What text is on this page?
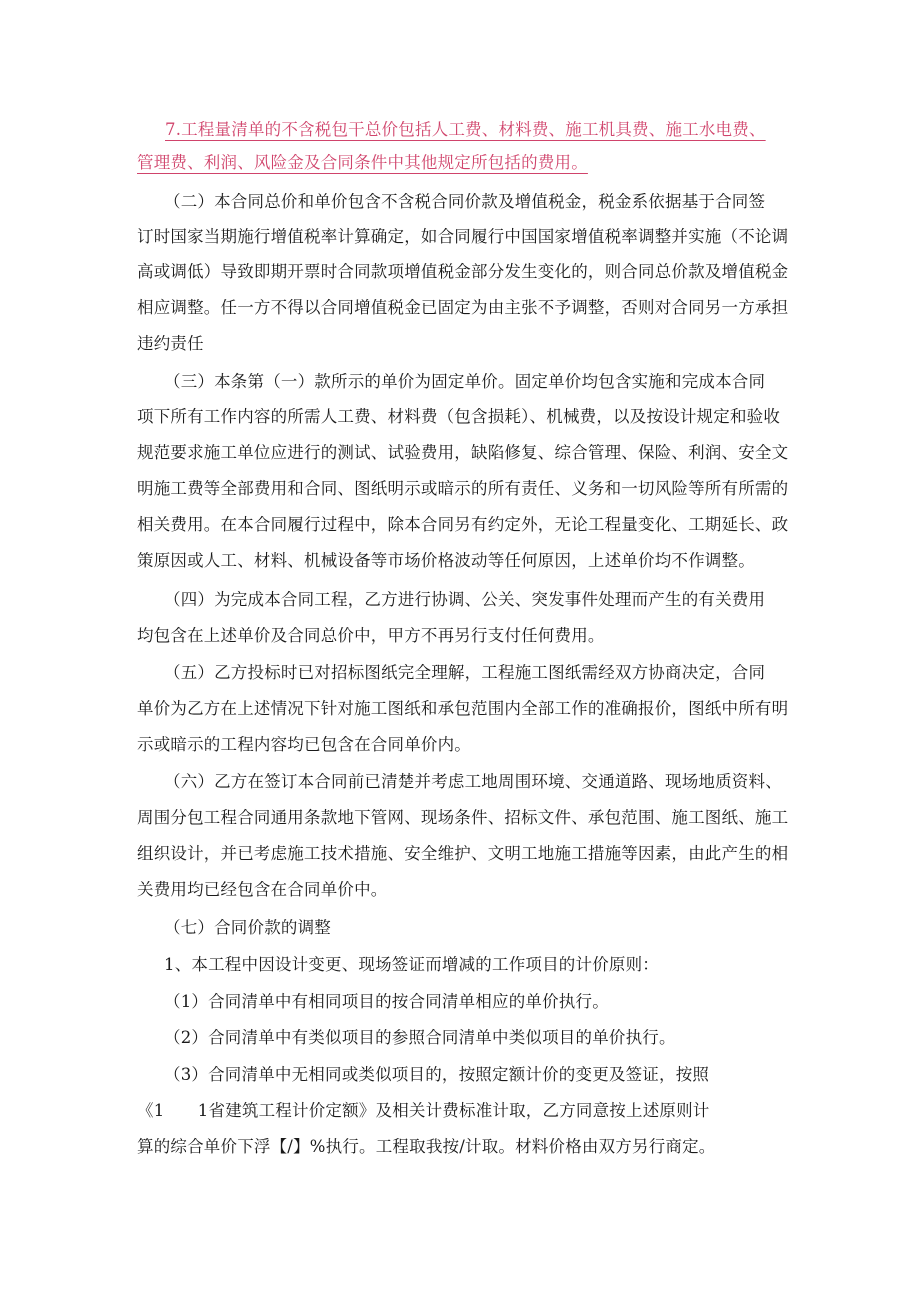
7.工程量清单的不含税包干总价包括人工费、材料费、施工机具费、施工水电费、
管理费、利润、风险金及合同条件中其他规定所包括的费用。
（二）本合同总价和单价包含不含税合同价款及增值税金，税金系依据基于合同签
订时国家当期施行增值税率计算确定，如合同履行中国国家增值税率调整并实施（不论调
高或调低）导致即期开票时合同款项增值税金部分发生变化的，则合同总价款及增值税金
相应调整。任一方不得以合同增值税金已固定为由主张不予调整，否则对合同另一方承担
违约责任
（三）本条第（一）款所示的单价为固定单价。固定单价均包含实施和完成本合同
项下所有工作内容的所需人工费、材料费（包含损耗）、机械费，以及按设计规定和验收
规范要求施工单位应进行的测试、试验费用，缺陷修复、综合管理、保险、利润、安全文
明施工费等全部费用和合同、图纸明示或暗示的所有责任、义务和一切风险等所有所需的
相关费用。在本合同履行过程中，除本合同另有约定外，无论工程量变化、工期延长、政
策原因或人工、材料、机械设备等市场价格波动等任何原因，上述单价均不作调整。
（四）为完成本合同工程，乙方进行协调、公关、突发事件处理而产生的有关费用
均包含在上述单价及合同总价中，甲方不再另行支付任何费用。
（五）乙方投标时已对招标图纸完全理解，工程施工图纸需经双方协商决定，合同
单价为乙方在上述情况下针对施工图纸和承包范围内全部工作的准确报价，图纸中所有明
示或暗示的工程内容均已包含在合同单价内。
（六）乙方在签订本合同前已清楚并考虑工地周围环境、交通道路、现场地质资料、
周围分包工程合同通用条款地下管网、现场条件、招标文件、承包范围、施工图纸、施工
组织设计，并已考虑施工技术措施、安全维护、文明工地施工措施等因素，由此产生的相
关费用均已经包含在合同单价中。
（七）合同价款的调整
1、本工程中因设计变更、现场签证而增减的工作项目的计价原则：
（1）合同清单中有相同项目的按合同清单相应的单价执行。
（2）合同清单中有类似项目的参照合同清单中类似项目的单价执行。
（3）合同清单中无相同或类似项目的，按照定额计价的变更及签证，按照
《1　　1省建筑工程计价定额》及相关计费标准计取，乙方同意按上述原则计
算的综合单价下浮【/】%执行。工程取我按/计取。材料价格由双方另行商定。
